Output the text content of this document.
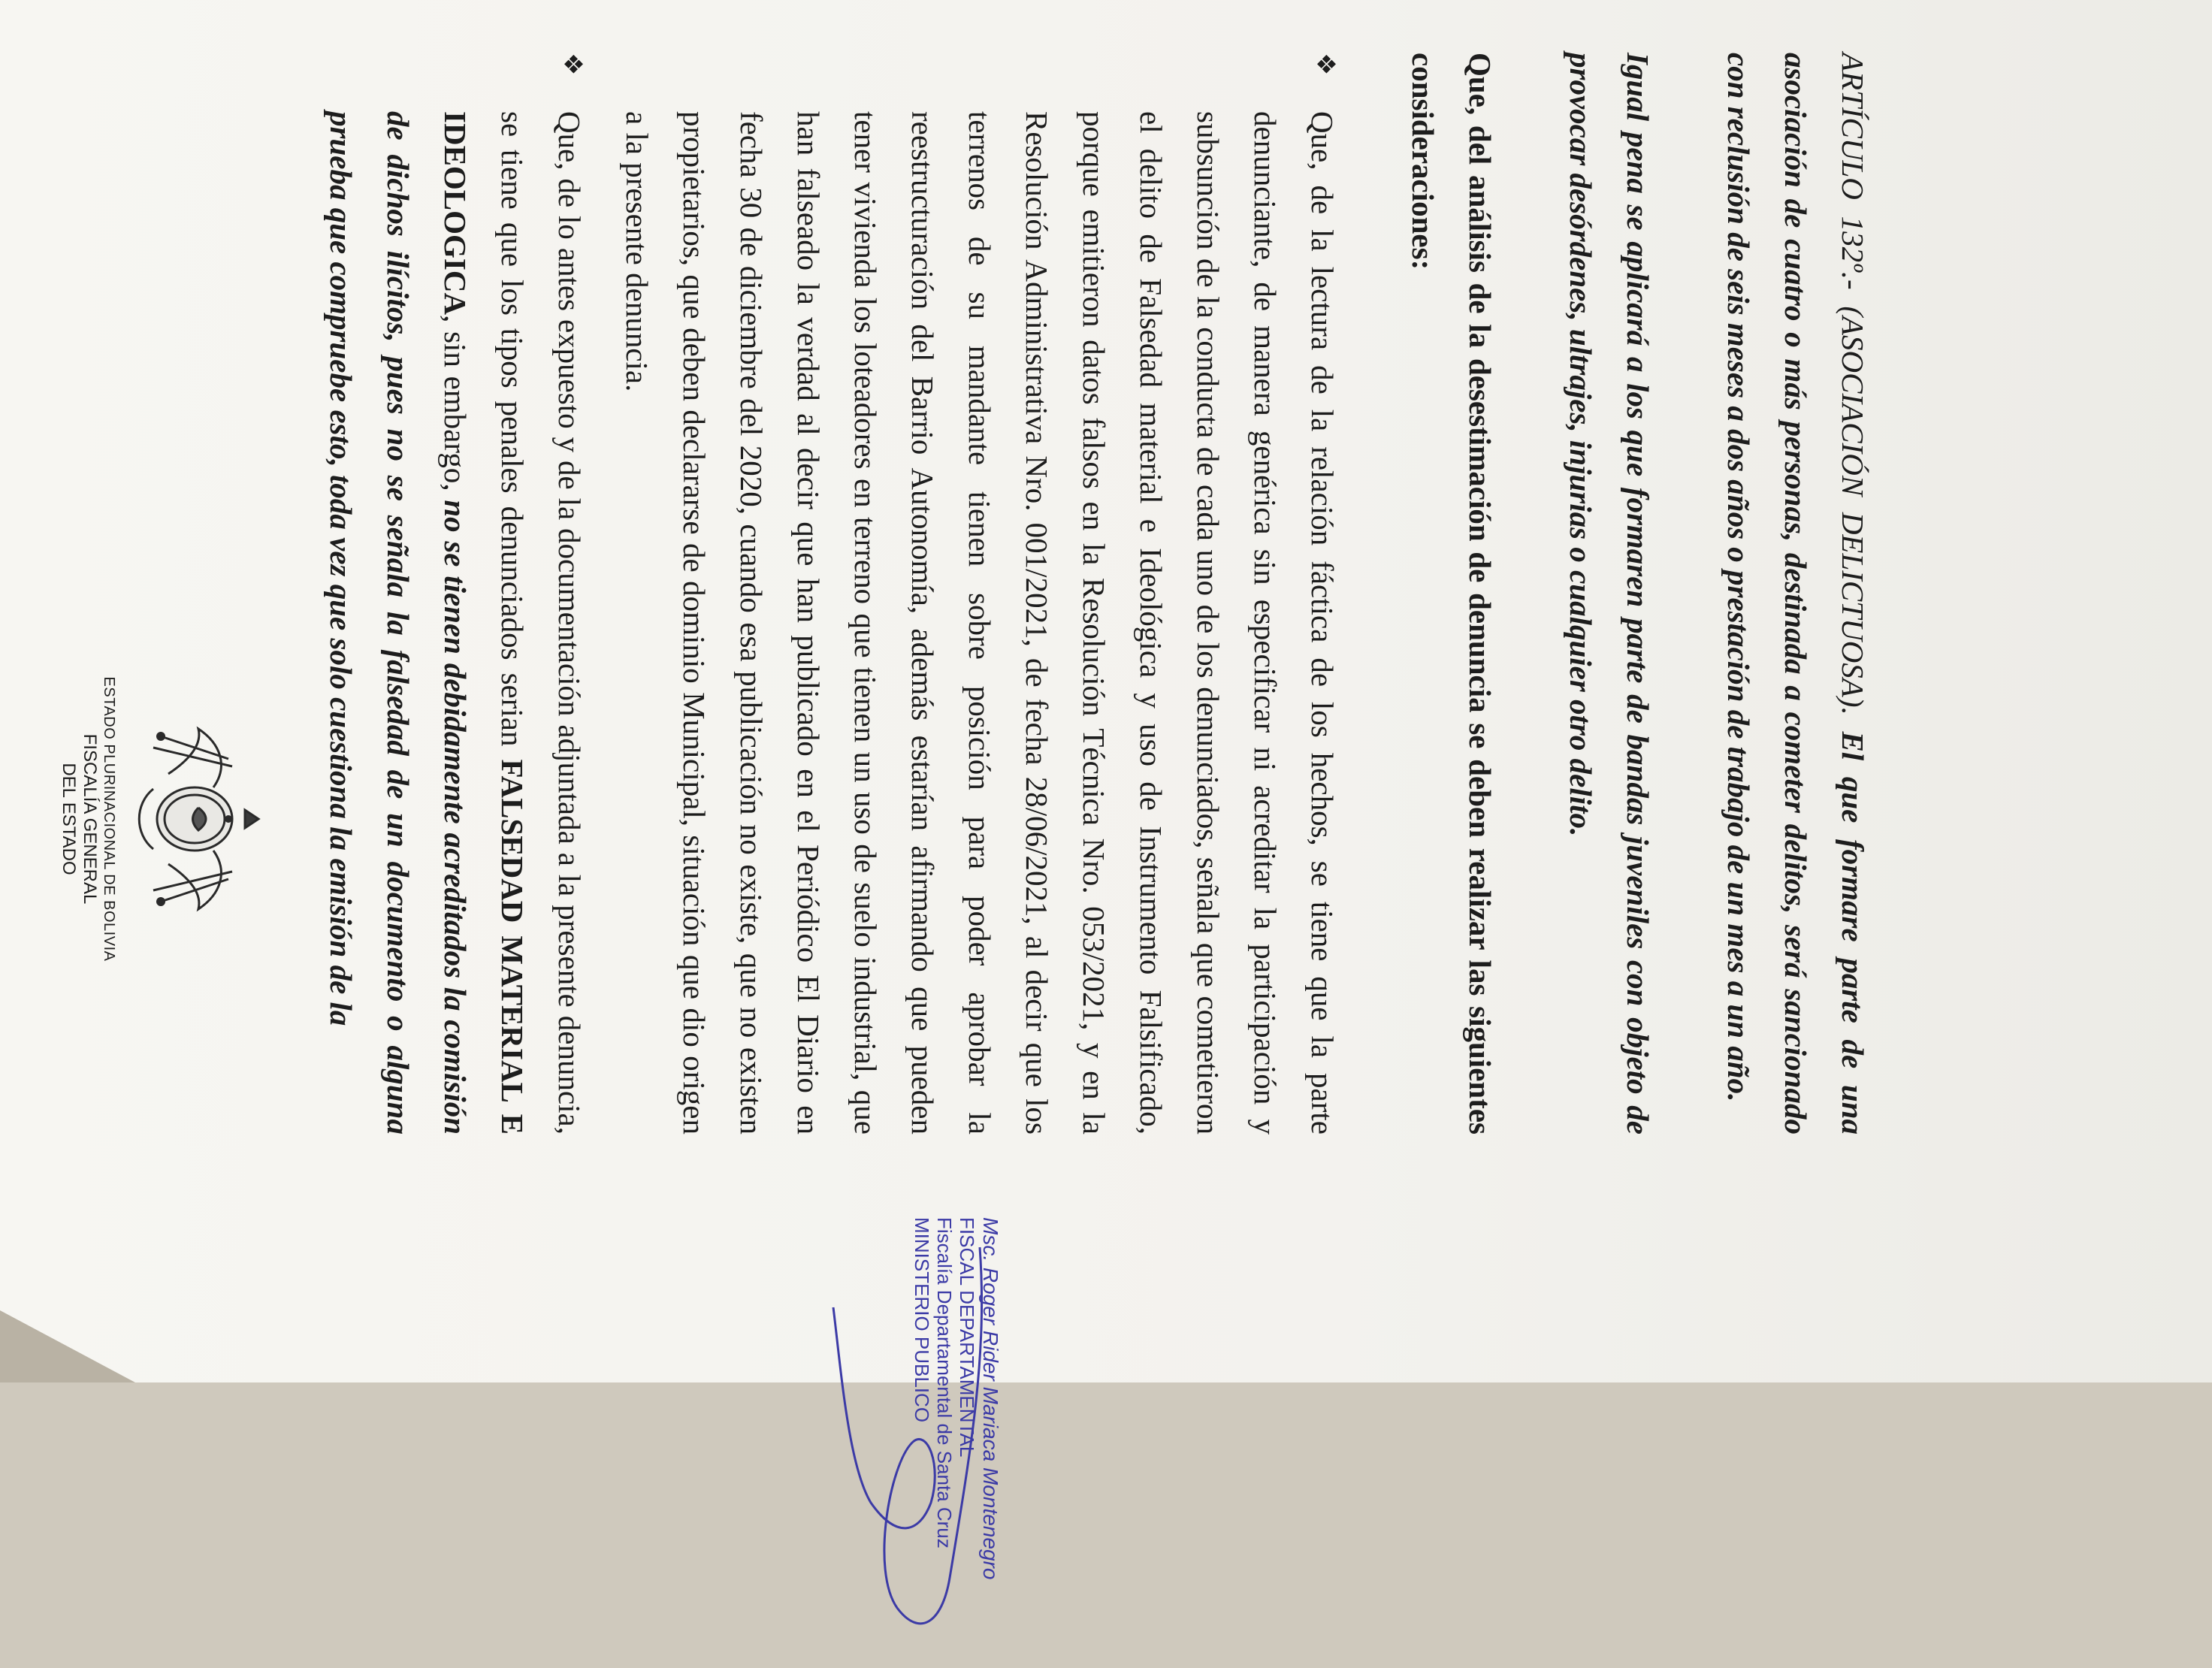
ESTADO PLURINACIONAL DE BOLIVIA
FISCALÍA GENERAL
DEL ESTADO

ARTÍCULO 132º.- (ASOCIACIÓN DELICTUOSA). El que formare parte de una asociación de cuatro o más personas, destinada a cometer delitos, será sancionado con reclusión de seis meses a dos años o prestación de trabajo de un mes a un año.

Igual pena se aplicará a los que formaren parte de bandas juveniles con objeto de provocar desórdenes, ultrajes, injurias o cualquier otro delito.

Que, del análisis de la desestimación de denuncia se deben realizar las siguientes consideraciones:

❖
Que, de la lectura de la relación fáctica de los hechos, se tiene que la parte denunciante, de manera genérica sin especificar ni acreditar la participación y subsunción de la conducta de cada uno de los denunciados, señala que cometieron el delito de Falsedad material e Ideológica y uso de Instrumento Falsificado, porque emitieron datos falsos en la Resolución Técnica Nro. 053/2021, y en la Resolución Administrativa Nro. 001/2021, de fecha 28/06/2021, al decir que los terrenos de su mandante tienen sobre posición para poder aprobar la reestructuración del Barrio Autonomía, además estarían afirmando que pueden tener vivienda los loteadores en terreno que tienen un uso de suelo industrial, que han falseado la verdad al decir que han publicado en el Periódico El Diario en fecha 30 de diciembre del 2020, cuando esa publicación no existe, que no existen propietarios, que deben declararse de dominio Municipal, situación que dio origen a la presente denuncia.

❖
Que, de lo antes expuesto y de la documentación adjuntada a la presente denuncia, se tiene que los tipos penales denunciados serian FALSEDAD MATERIAL E IDEOLOGICA, sin embargo, no se tienen debidamente acreditados la comisión de dichos ilícitos, pues no se señala la falsedad de un documento o alguna prueba que compruebe esto, toda vez que solo cuestiona la emisión de la

Msc. Roger Rider Mariaca Montenegro
FISCAL DEPARTAMENTAL
Fiscalía Departamental de Santa Cruz
MINISTERIO PUBLICO
